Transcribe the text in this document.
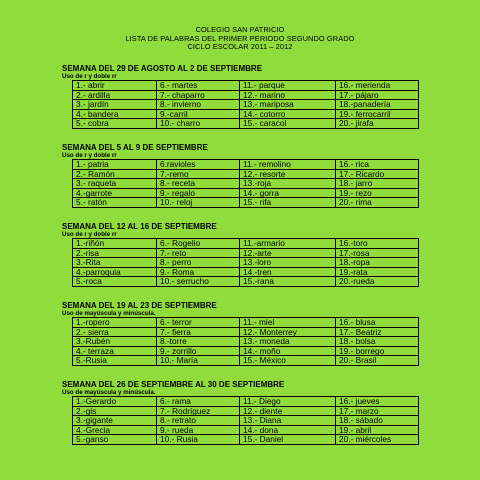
COLEGIO SAN PATRICIO
LISTA DE PALABRAS DEL PRIMER PERIODO SEGUNDO GRADO
CICLO ESCOLAR 2011 – 2012
SEMANA DEL 29 DE AGOSTO AL 2 DE SEPTIEMBRE
Uso de r y doble rr
1.- abrir	6.- martes	11.- parque	16.- merienda
2.- ardilla	7.- chaparro	12.- marino	17.- pájaro
3.- jardín	8.- invierno	13.- mariposa	18.-panadería
4.- bandera	9.-carril	14.- cotorro	19.- ferrocarril
5.- cobra	10.- charro	15.- caracol	20.- jirafa
SEMANA DEL 5 AL 9 DE SEPTIEMBRE
Uso de r y doble rr
1.- patria	6.ravioles	11.- remolino	16.- rica
2.- Ramón	7.-remo	12.- resorte	17.- Ricardo
3.- raqueta	8.- receta	13.-roja	18.- jarro
4.-garrote	9.- regalo	14.- gorra	19.- rezo
5.- ratón	10.- reloj	15.- rifa	20.- rima
SEMANA DEL 12 AL 16 DE SEPTIEMBRE
Uso de r y doble rr
1.-riñón	6.- Rogelio	11.-armario	16.-toro
2.-risa	7.- reto	12.-arte	17.-rosa
3.-Rita	8.- perro	13.-loro	18.-ropa
4.-parroquia	9.- Roma	14.-tren	19.-rata
5.-roca	10.- serrucho	15.-rana	20.-rueda
SEMANA DEL 19 AL 23 DE SEPTIEMBRE
Uso de mayúscula y minúscula.
1.-ropero	6.- terror	11.- miel	16.- blusa
2.- sierra	7.- fierra	12.- Monterrey	17.- Beatriz
3.-Rubén	8.-torre	13.- moneda	18.- bolsa
4.- terraza	9.- zorrillo	14.- moño	19.- borrego
5.-Rusia	10.- María	15.- México	20.- Brasil
SEMANA DEL 26 DE SEPTIEMBRE AL 30 DE SEPTIEMBRE
Uso de mayúscula y minúscula.
1.-Gerardo	6.- rama	11.- Diego	16.- jueves
2.-gis	7.- Rodríguez	12.- diente	17.- marzo
3.-gigante	8.- retrato	13.- Diana	18.- sábado
4.-Grecia	9.- rueda	14.- dona	19.- abril
5.-ganso	10.- Rusia	15.- Daniel	20.- miércoles
